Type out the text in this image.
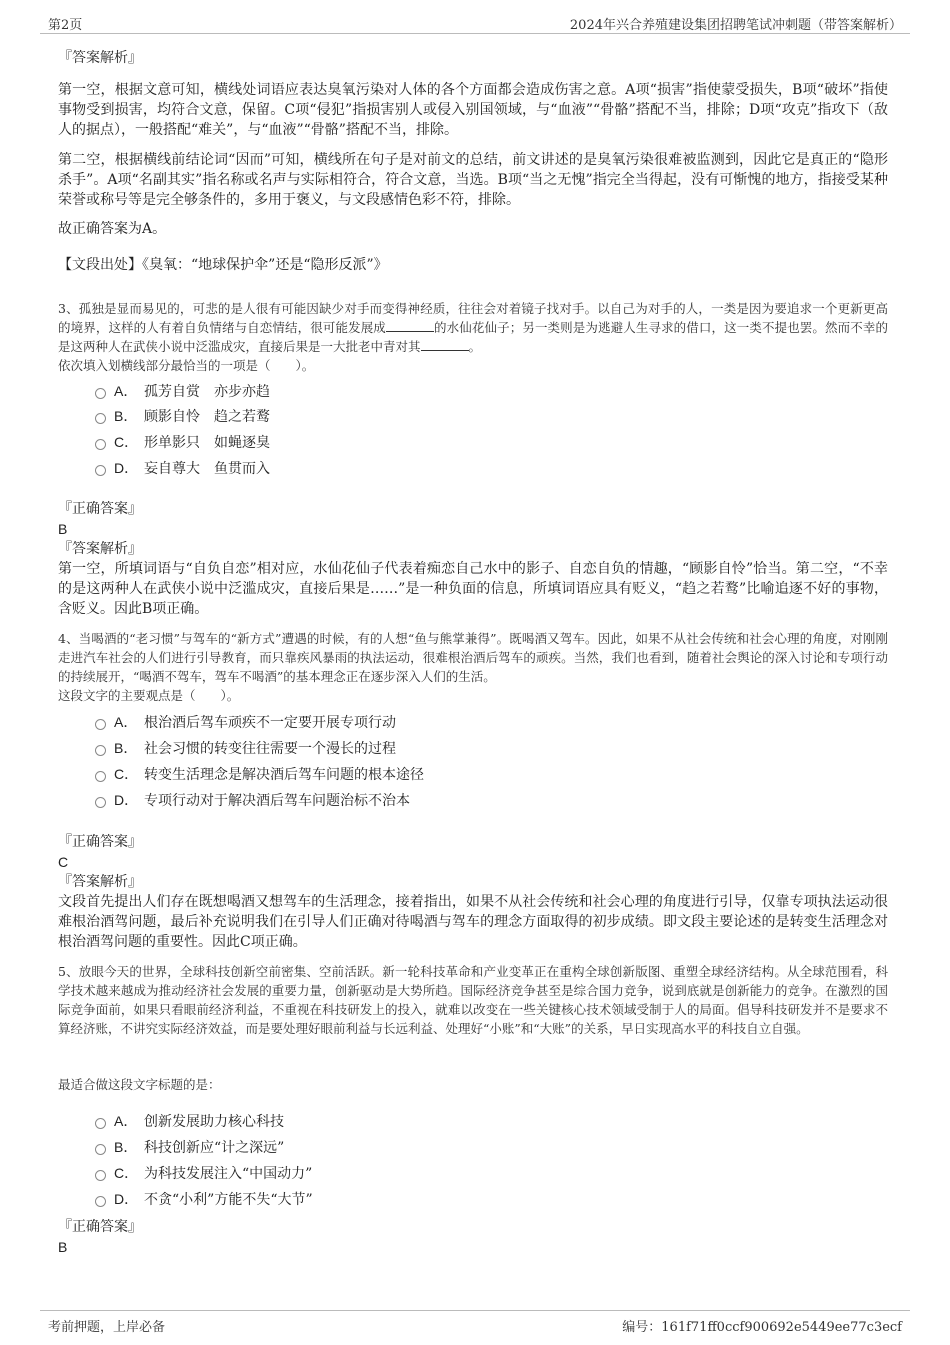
第2页	2024年兴合养殖建设集团招聘笔试冲刺题（带答案解析）

『答案解析』

第一空，根据文意可知，横线处词语应表达臭氧污染对人体的各个方面都会造成伤害之意。A项“损害”指使蒙受损失，B项“破坏”指使事物受到损害，均符合文意，保留。C项“侵犯”指损害别人或侵入别国领域，与“血液”“骨骼”搭配不当，排除；D项“攻克”指攻下（敌人的据点），一般搭配“难关”，与“血液”“骨骼”搭配不当，排除。

第二空，根据横线前结论词“因而”可知，横线所在句子是对前文的总结，前文讲述的是臭氧污染很难被监测到，因此它是真正的“隐形杀手”。A项“名副其实”指名称或名声与实际相符合，符合文意，当选。B项“当之无愧”指完全当得起，没有可惭愧的地方，指接受某种荣誉或称号等是完全够条件的，多用于褒义，与文段感情色彩不符，排除。

故正确答案为A。

【文段出处】《臭氧：“地球保护伞”还是“隐形反派”》

3、孤独是显而易见的，可悲的是人很有可能因缺少对手而变得神经质，往往会对着镜子找对手。以自己为对手的人，一类是因为要追求一个更新更高的境界，这样的人有着自负情绪与自恋情结，很可能发展成	的水仙花仙子；另一类则是为逃避人生寻求的借口，这一类不提也罢。然而不幸的是这两种人在武侠小说中泛滥成灾，直接后果是一大批老中青对其	。

依次填入划横线部分最恰当的一项是（　　）。

A． 孤芳自赏 亦步亦趋
B． 顾影自怜 趋之若鹜
C． 形单影只 如蝇逐臭
D． 妄自尊大 鱼贯而入

『正确答案』

B

『答案解析』

第一空，所填词语与“自负自恋”相对应，水仙花仙子代表着痴恋自己水中的影子、自恋自负的情趣，“顾影自怜”恰当。第二空，“不幸的是这两种人在武侠小说中泛滥成灾，直接后果是……”是一种负面的信息，所填词语应具有贬义，“趋之若鹜”比喻追逐不好的事物，含贬义。因此B项正确。

4、当喝酒的“老习惯”与驾车的“新方式”遭遇的时候，有的人想“鱼与熊掌兼得”。既喝酒又驾车。因此，如果不从社会传统和社会心理的角度，对刚刚走进汽车社会的人们进行引导教育，而只靠疾风暴雨的执法运动，很难根治酒后驾车的顽疾。当然，我们也看到，随着社会舆论的深入讨论和专项行动的持续展开，“喝酒不驾车，驾车不喝酒”的基本理念正在逐步深入人们的生活。

这段文字的主要观点是（　　）。

A． 根治酒后驾车顽疾不一定要开展专项行动
B． 社会习惯的转变往往需要一个漫长的过程
C． 转变生活理念是解决酒后驾车问题的根本途径
D． 专项行动对于解决酒后驾车问题治标不治本

『正确答案』

C

『答案解析』

文段首先提出人们存在既想喝酒又想驾车的生活理念，接着指出，如果不从社会传统和社会心理的角度进行引导，仅靠专项执法运动很难根治酒驾问题，最后补充说明我们在引导人们正确对待喝酒与驾车的理念方面取得的初步成绩。即文段主要论述的是转变生活理念对根治酒驾问题的重要性。因此C项正确。

5、放眼今天的世界，全球科技创新空前密集、空前活跃。新一轮科技革命和产业变革正在重构全球创新版图、重塑全球经济结构。从全球范围看，科学技术越来越成为推动经济社会发展的重要力量，创新驱动是大势所趋。国际经济竞争甚至是综合国力竞争，说到底就是创新能力的竞争。在激烈的国际竞争面前，如果只看眼前经济利益，不重视在科技研发上的投入，就难以改变在一些关键核心技术领域受制于人的局面。倡导科技研发并不是要求不算经济账，不讲究实际经济效益，而是要处理好眼前利益与长远利益、处理好“小账”和“大账”的关系，早日实现高水平的科技自立自强。

最适合做这段文字标题的是：

A． 创新发展助力核心科技
B． 科技创新应“计之深远”
C． 为科技发展注入“中国动力”
D． 不贪“小利”方能不失“大节”

『正确答案』

B

考前押题，上岸必备	编号：161f71ff0ccf900692e5449ee77c3ecf
